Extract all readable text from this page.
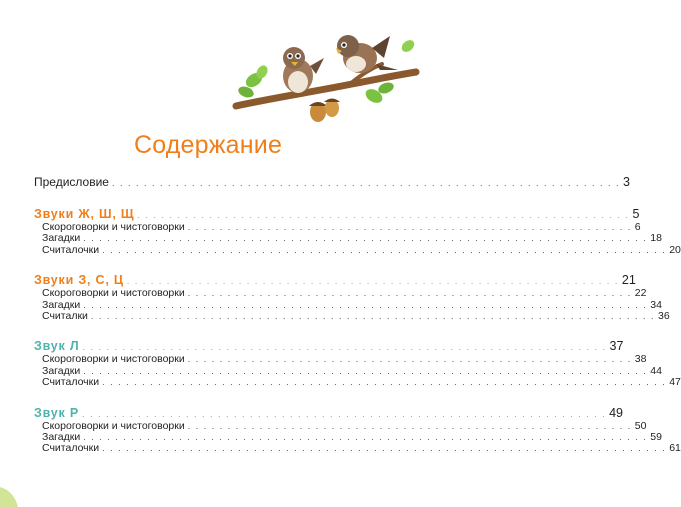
Содержание
Предисловие . . . . . . . . . . . . . . . . . . . . . . . . . . . . . . . . . . . . . . . . . . . . . . . . . . . . . . . . . . . . . . . . 3
Звуки Ж, Ш, Щ . . . . . . . . . . . . . . . . . . . . . . . . . . . . . . . . . . . . . . . . . . . . . . . . . . . . . . . . . . . . . . 5
Скороговорки и чистоговорки . . . . . . . . . . . . . . . . . . . . . . . . . . . . . . . . . . . . . . . . . . . . . . . . . . . . . . . . 6
Загадки . . . . . . . . . . . . . . . . . . . . . . . . . . . . . . . . . . . . . . . . . . . . . . . . . . . . . . . . . . . . . . . . . . . . . . . 18
Считалочки . . . . . . . . . . . . . . . . . . . . . . . . . . . . . . . . . . . . . . . . . . . . . . . . . . . . . . . . . . . . . . . . . . . . . . . 20
Звуки З, С, Ц . . . . . . . . . . . . . . . . . . . . . . . . . . . . . . . . . . . . . . . . . . . . . . . . . . . . . . . . . . . . . . 21
Скороговорки и чистоговорки . . . . . . . . . . . . . . . . . . . . . . . . . . . . . . . . . . . . . . . . . . . . . . . . . . . . . . . . 22
Загадки . . . . . . . . . . . . . . . . . . . . . . . . . . . . . . . . . . . . . . . . . . . . . . . . . . . . . . . . . . . . . . . . . . . . . . . 34
Считалки . . . . . . . . . . . . . . . . . . . . . . . . . . . . . . . . . . . . . . . . . . . . . . . . . . . . . . . . . . . . . . . . . . . . . . . 36
Звук Л . . . . . . . . . . . . . . . . . . . . . . . . . . . . . . . . . . . . . . . . . . . . . . . . . . . . . . . . . . . . . . . . . . 37
Скороговорки и чистоговорки . . . . . . . . . . . . . . . . . . . . . . . . . . . . . . . . . . . . . . . . . . . . . . . . . . . . . . . . 38
Загадки . . . . . . . . . . . . . . . . . . . . . . . . . . . . . . . . . . . . . . . . . . . . . . . . . . . . . . . . . . . . . . . . . . . . . . . 44
Считалочки . . . . . . . . . . . . . . . . . . . . . . . . . . . . . . . . . . . . . . . . . . . . . . . . . . . . . . . . . . . . . . . . . . . . . . . 47
Звук Р . . . . . . . . . . . . . . . . . . . . . . . . . . . . . . . . . . . . . . . . . . . . . . . . . . . . . . . . . . . . . . . . . . 49
Скороговорки и чистоговорки . . . . . . . . . . . . . . . . . . . . . . . . . . . . . . . . . . . . . . . . . . . . . . . . . . . . . . . . 50
Загадки . . . . . . . . . . . . . . . . . . . . . . . . . . . . . . . . . . . . . . . . . . . . . . . . . . . . . . . . . . . . . . . . . . . . . . . 59
Считалочки . . . . . . . . . . . . . . . . . . . . . . . . . . . . . . . . . . . . . . . . . . . . . . . . . . . . . . . . . . . . . . . . . . . . . . . 61
